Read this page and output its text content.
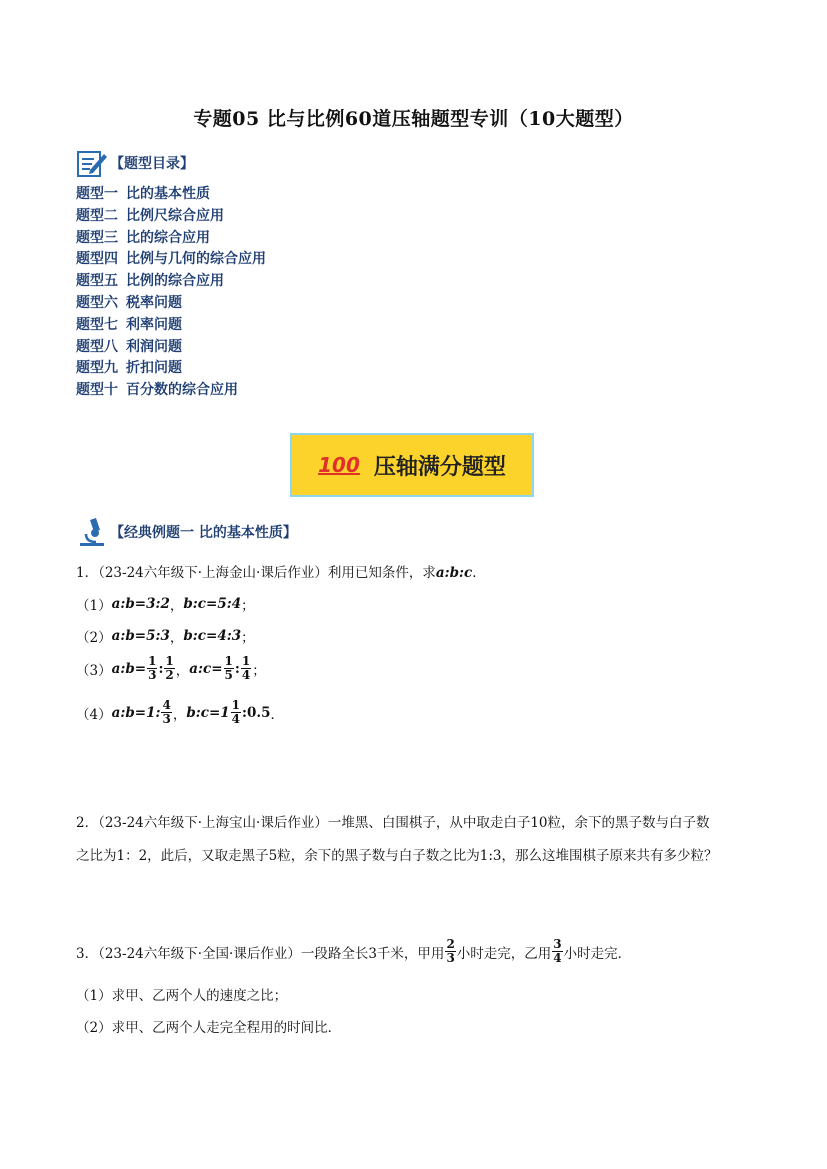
专题05 比与比例60道压轴题型专训（10大题型）
【题型目录】
题型一 比的基本性质
题型二 比例尺综合应用
题型三 比的综合应用
题型四 比例与几何的综合应用
题型五 比例的综合应用
题型六 税率问题
题型七 利率问题
题型八 利润问题
题型九 折扣问题
题型十 百分数的综合应用
100 压轴满分题型
【经典例题一 比的基本性质】
1．（23-24六年级下·上海金山·课后作业）利用已知条件，求a:b:c．
（1） a:b=3:2 ， b:c=5:4 ；
（2） a:b=5:3 ， b:c=4:3 ；
（3） a:b= $\frac{1}{3}$ : $\frac{1}{2}$ ， a:c= $\frac{1}{5}$ : $\frac{1}{4}$ ；
（4） a:b=1: $\frac{4}{3}$ ， b:c=1 $\frac{1}{4}$ :0.5 ．
2．（23-24六年级下·上海宝山·课后作业）一堆黑、白围棋子，从中取走白子10粒，余下的黑子数与白子数
之比为1：2，此后，又取走黑子5粒，余下的黑子数与白子数之比为1:3，那么这堆围棋子原来共有多少粒？
3．（23-24六年级下·全国·课后作业）一段路全长3千米，甲用 $\frac{2}{3}$ 小时走完，乙用 $\frac{3}{4}$ 小时走完．
（1）求甲、乙两个人的速度之比；
（2）求甲、乙两个人走完全程用的时间比．
